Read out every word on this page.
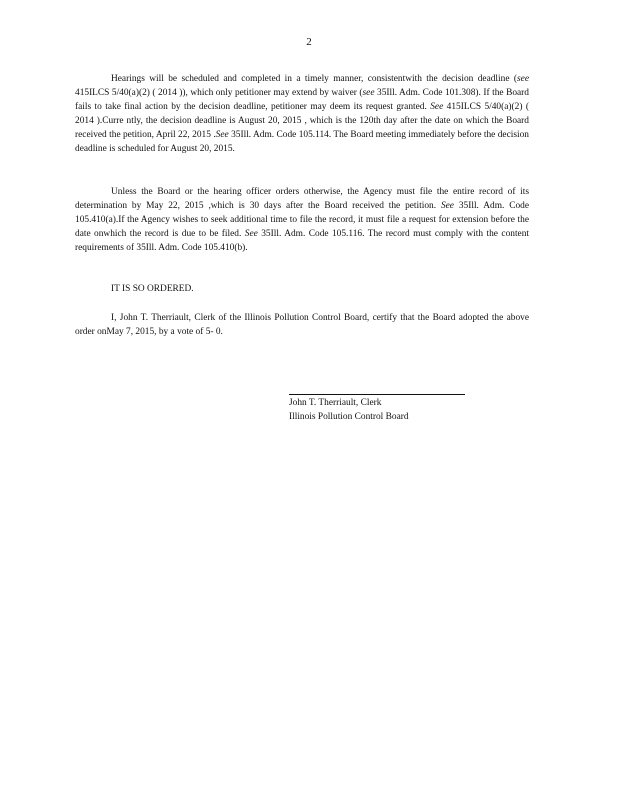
2

Hearings will be scheduled and completed in a timely manner, consistentwith the decision deadline (see 415ILCS 5/40(a)(2) ( 2014 )), which only petitioner may extend by waiver (see 35Ill. Adm. Code 101.308). If the Board fails to take final action by the decision deadline, petitioner may deem its request granted. See 415ILCS 5/40(a)(2) ( 2014 ).Curre ntly, the decision deadline is August 20, 2015 , which is the 120th day after the date on which the Board received the petition, April 22, 2015 .See 35Ill. Adm. Code 105.114. The Board meeting immediately before the decision deadline is scheduled for August 20, 2015.

Unless the Board or the hearing officer orders otherwise, the Agency must file the entire record of its determination by May 22, 2015 ,which is 30 days after the Board received the petition. See 35Ill. Adm. Code 105.410(a).If the Agency wishes to seek additional time to file the record, it must file a request for extension before the date onwhich the record is due to be filed. See 35Ill. Adm. Code 105.116. The record must comply with the content requirements of 35Ill. Adm. Code 105.410(b).

IT IS SO ORDERED.

I, John T. Therriault, Clerk of the Illinois Pollution Control Board, certify that the Board adopted the above order onMay 7, 2015, by a vote of 5- 0.

John T. Therriault, Clerk
Illinois Pollution Control Board
